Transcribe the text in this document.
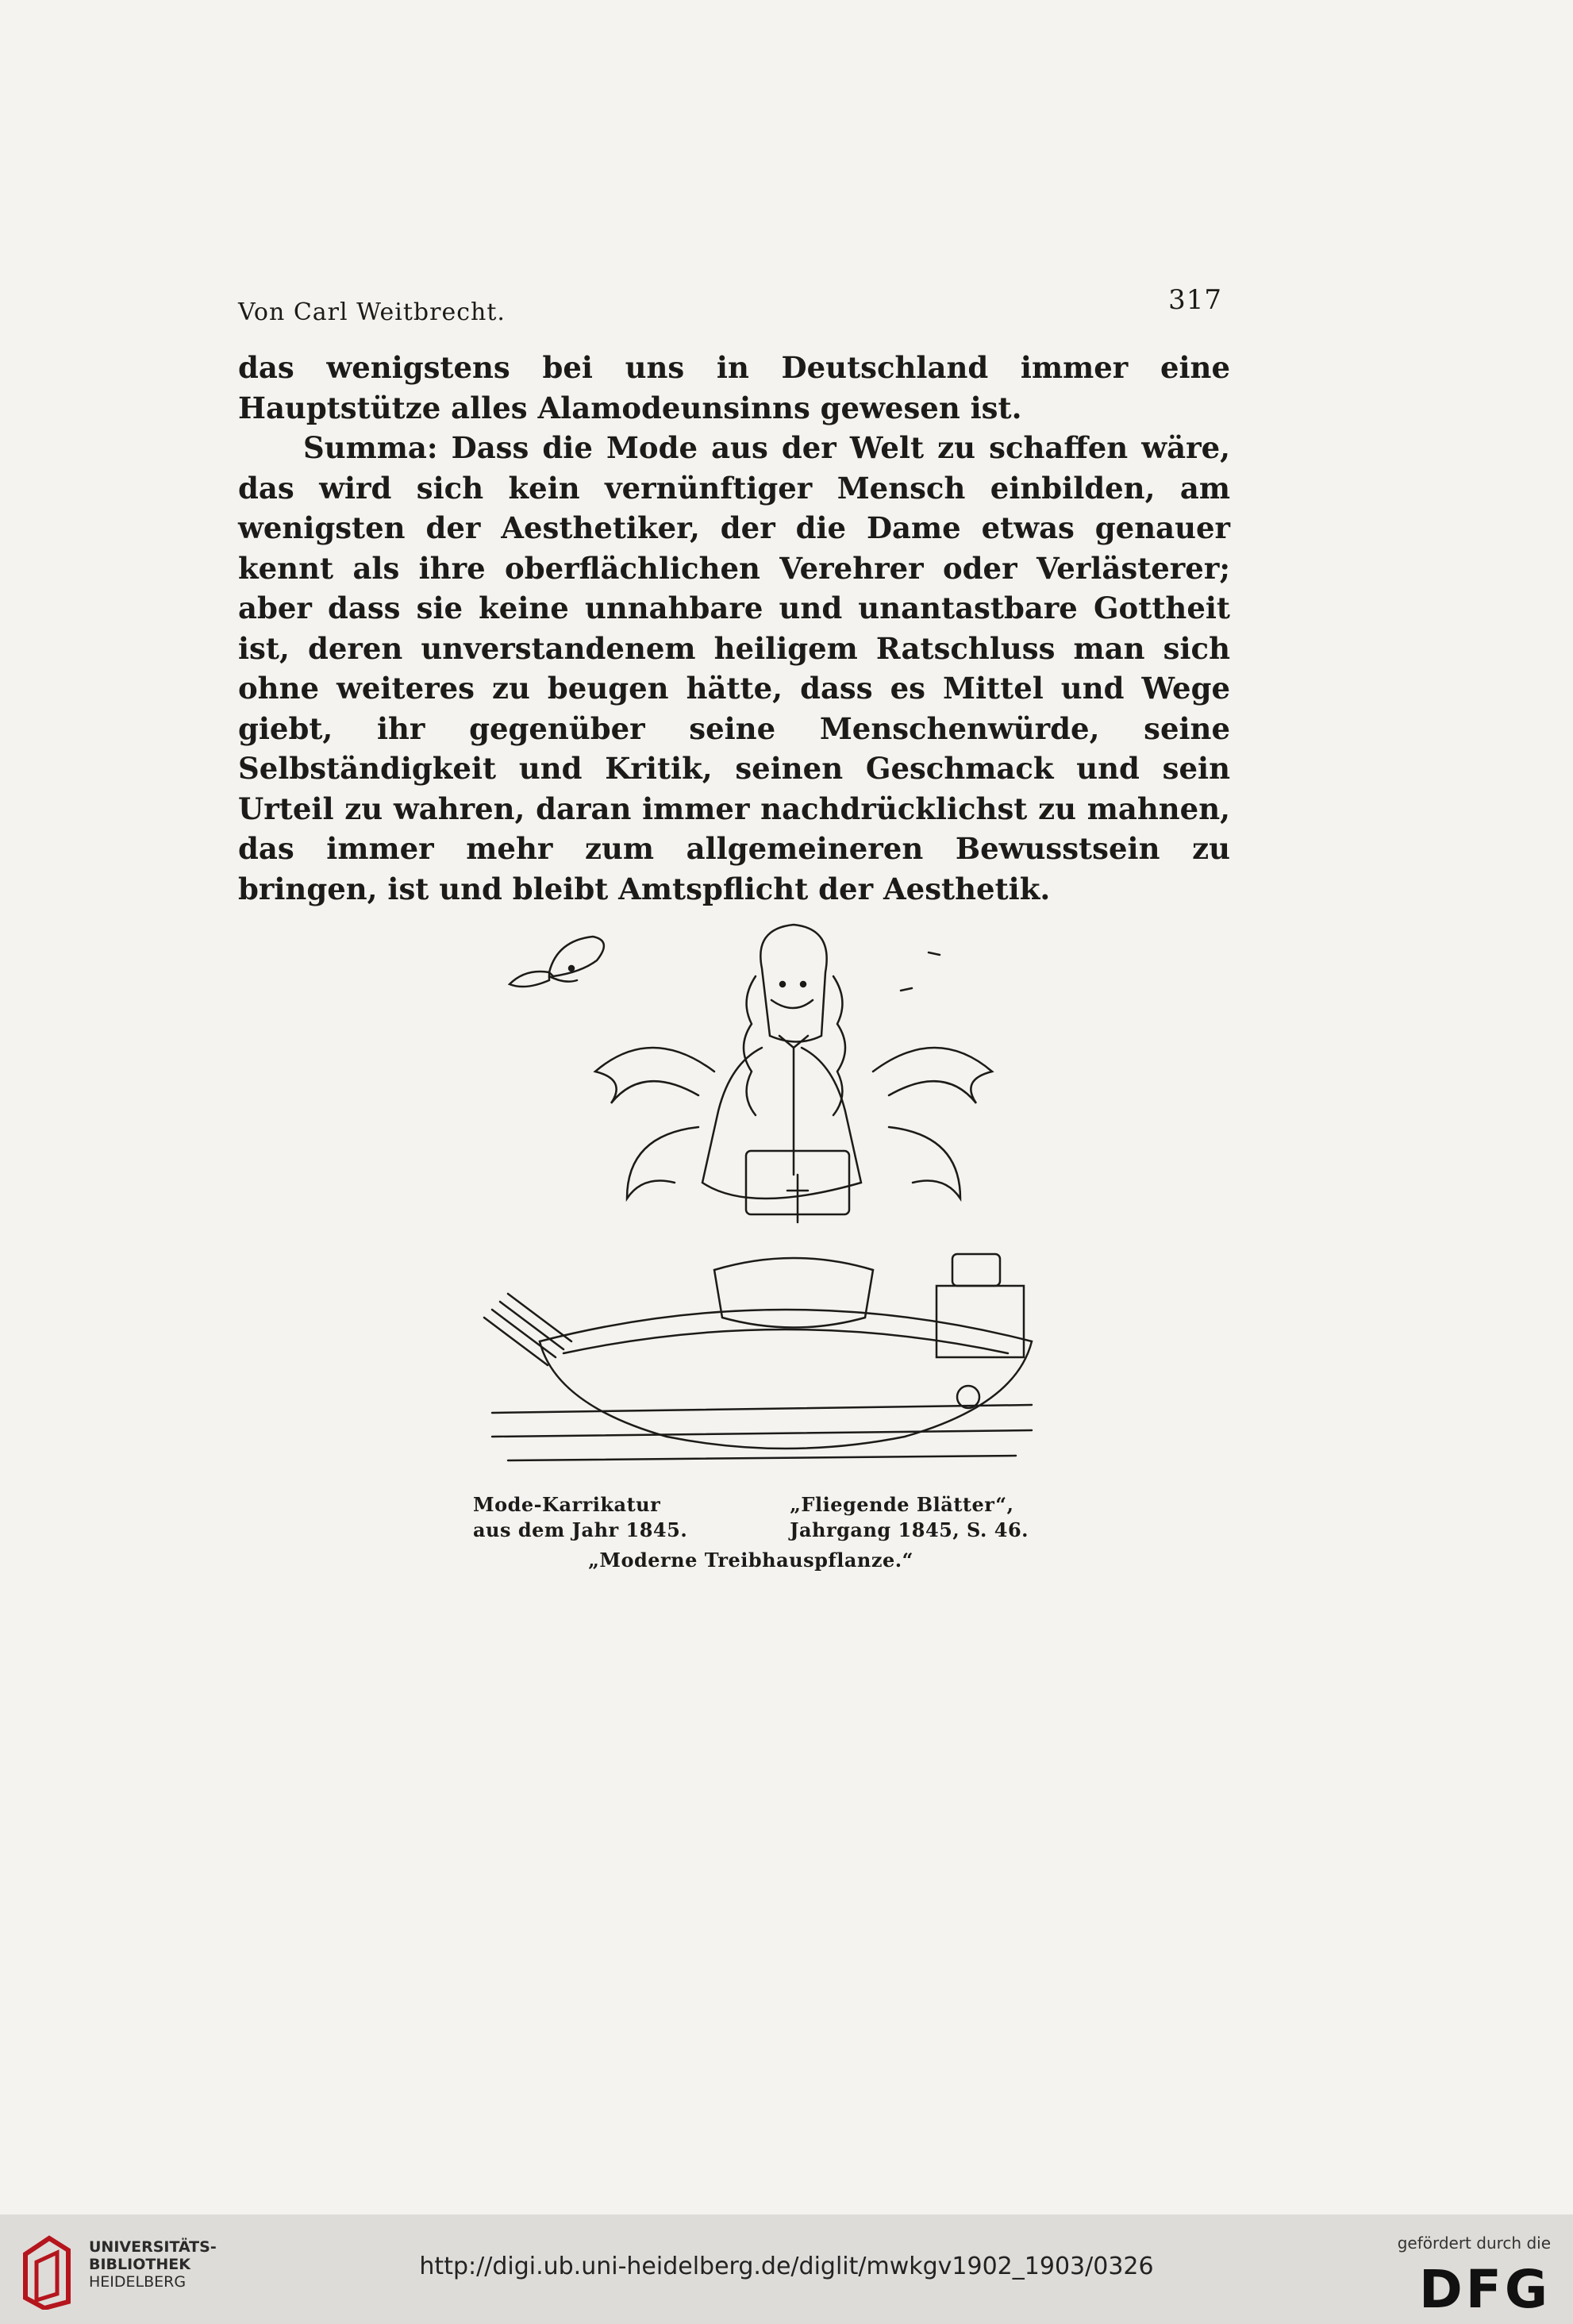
Von Carl Weitbrecht.	317

das wenigstens bei uns in Deutschland immer eine Hauptstütze alles Alamodeunsinns gewesen ist.

Summa: Dass die Mode aus der Welt zu schaffen wäre, das wird sich kein vernünftiger Mensch einbilden, am wenigsten der Aesthetiker, der die Dame etwas genauer kennt als ihre oberflächlichen Verehrer oder Verlästerer; aber dass sie keine unnahbare und unantastbare Gottheit ist, deren unverstandenem heiligem Ratschluss man sich ohne weiteres zu beugen hätte, dass es Mittel und Wege giebt, ihr gegenüber seine Menschenwürde, seine Selbständigkeit und Kritik, seinen Geschmack und sein Urteil zu wahren, daran immer nachdrücklichst zu mahnen, das immer mehr zum allgemeineren Bewusstsein zu bringen, ist und bleibt Amtspflicht der Aesthetik.

Mode-Karrikatur
aus dem Jahr 1845.
„Fliegende Blätter“,
Jahrgang 1845, S. 46.
„Moderne Treibhauspflanze.“
UNIVERSITÄTS-
BIBLIOTHEK
HEIDELBERG
http://digi.ub.uni-heidelberg.de/diglit/mwkgv1902_1903/0326
gefördert durch die
DFG
